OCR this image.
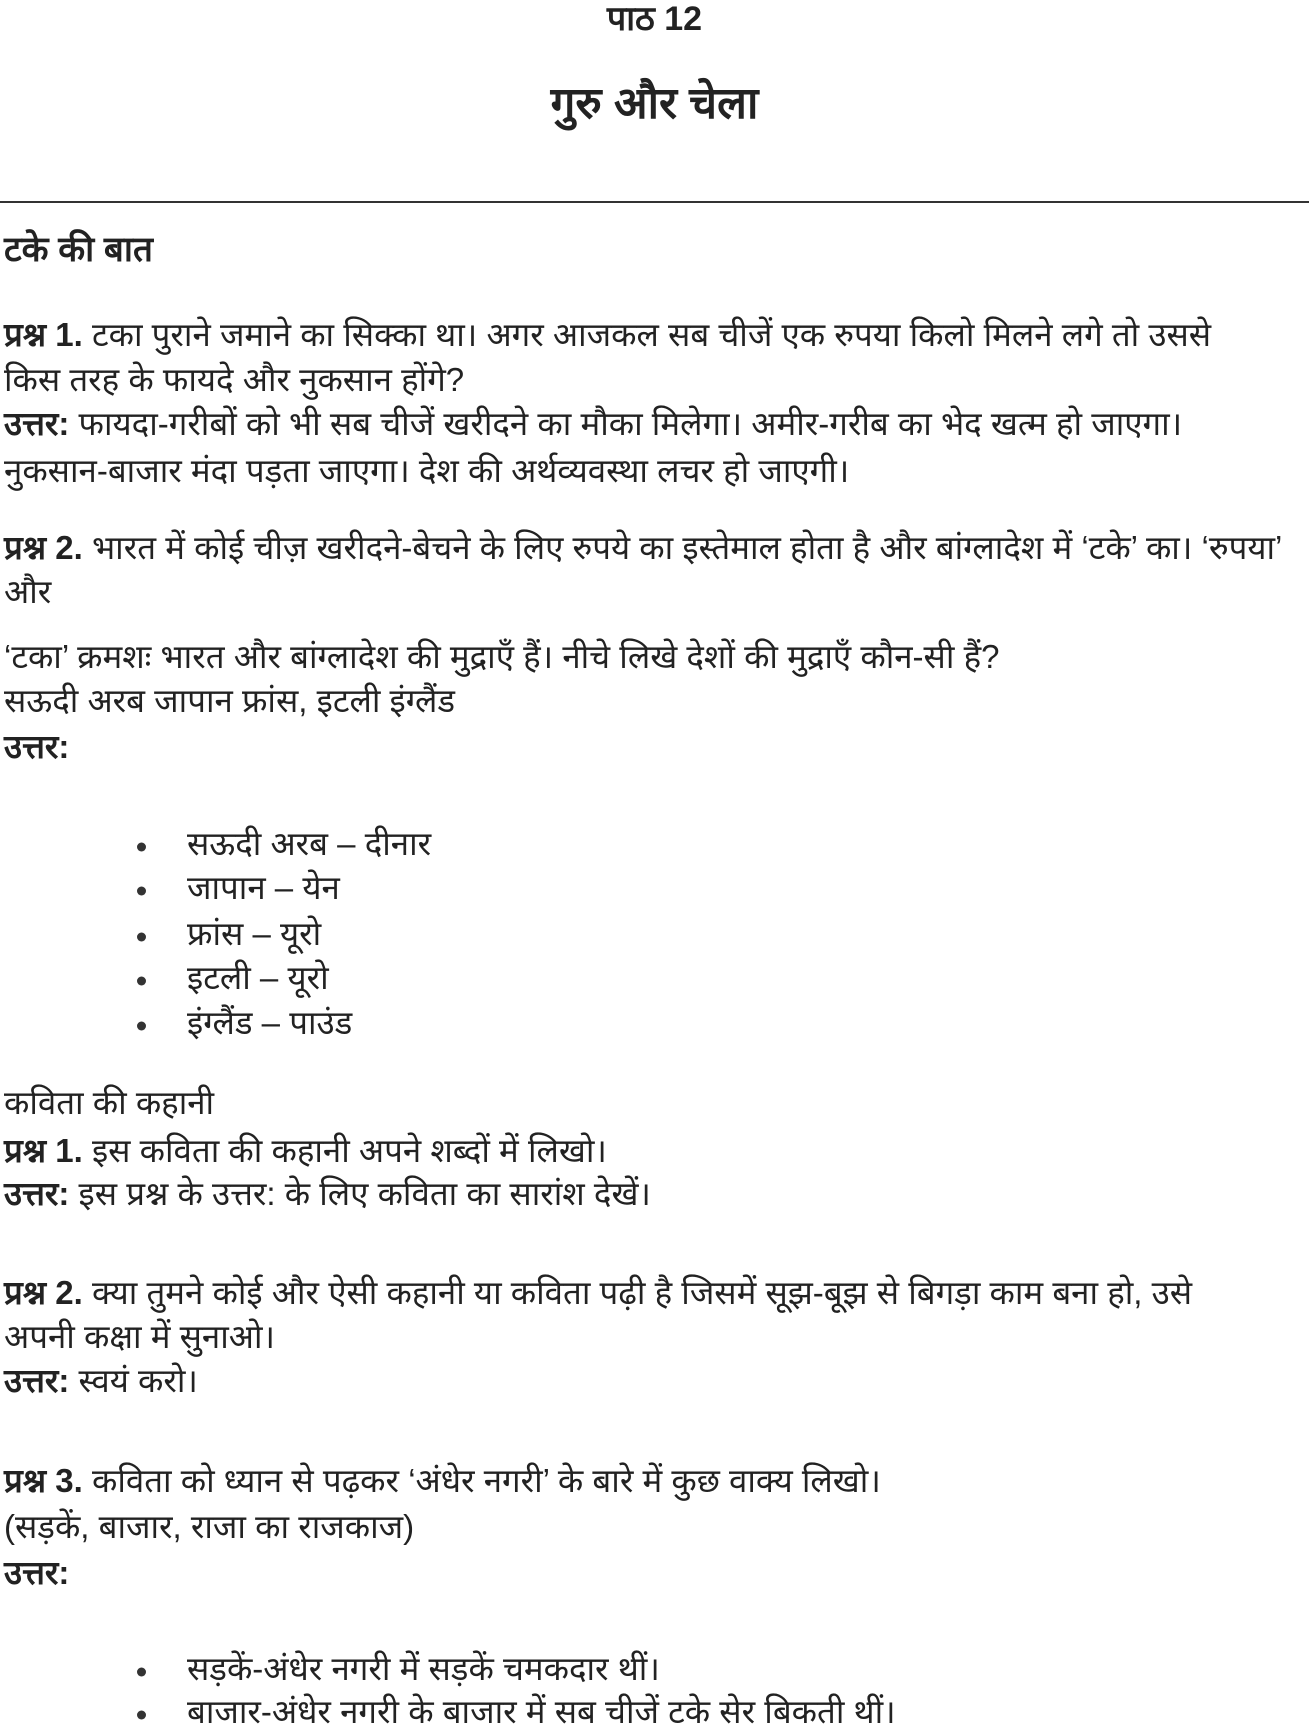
पाठ 12
गुरु और चेला
टके की बात
प्रश्न 1. टका पुराने जमाने का सिक्का था। अगर आजकल सब चीजें एक रुपया किलो मिलने लगे तो उससे
किस तरह के फायदे और नुकसान होंगे?
उत्तर: फायदा-गरीबों को भी सब चीजें खरीदने का मौका मिलेगा। अमीर-गरीब का भेद खत्म हो जाएगा।
नुकसान-बाजार मंदा पड़ता जाएगा। देश की अर्थव्यवस्था लचर हो जाएगी।
प्रश्न 2. भारत में कोई चीज़ खरीदने-बेचने के लिए रुपये का इस्तेमाल होता है और बांग्लादेश में ‘टके’ का। ‘रुपया’ और
‘टका’ क्रमशः भारत और बांग्लादेश की मुद्राएँ हैं। नीचे लिखे देशों की मुद्राएँ कौन-सी हैं?
सऊदी अरब जापान फ्रांस, इटली इंग्लैंड
उत्तर:
सऊदी अरब – दीनार
जापान – येन
फ्रांस – यूरो
इटली – यूरो
इंग्लैंड – पाउंड
कविता की कहानी
प्रश्न 1. इस कविता की कहानी अपने शब्दों में लिखो।
उत्तर: इस प्रश्न के उत्तर: के लिए कविता का सारांश देखें।
प्रश्न 2. क्या तुमने कोई और ऐसी कहानी या कविता पढ़ी है जिसमें सूझ-बूझ से बिगड़ा काम बना हो, उसे
अपनी कक्षा में सुनाओ।
उत्तर: स्वयं करो।
प्रश्न 3. कविता को ध्यान से पढ़कर ‘अंधेर नगरी’ के बारे में कुछ वाक्य लिखो।
(सड़कें, बाजार, राजा का राजकाज)
उत्तर:
सड़कें-अंधेर नगरी में सड़कें चमकदार थीं।
बाजार-अंधेर नगरी के बाजार में सब चीजें टके सेर बिकती थीं।
